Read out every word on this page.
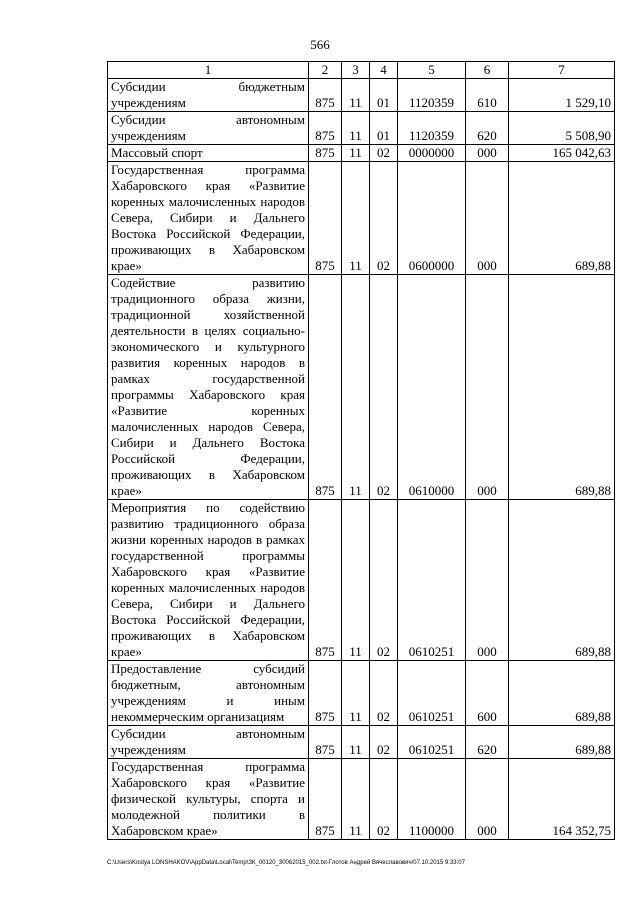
566
1	2	3	4	5	6	7
Субсидии бюджетным учреждениям	875	11	01	1120359	610	1 529,10
Субсидии автономным учреждениям	875	11	01	1120359	620	5 508,90
Массовый спорт	875	11	02	0000000	000	165 042,63
Государственная программа Хабаровского края «Развитие коренных малочисленных народов Севера, Сибири и Дальнего Востока Российской Федерации, проживающих в Хабаровском крае»	875	11	02	0600000	000	689,88
Содействие развитию традиционного образа жизни, традиционной хозяйственной деятельности в целях социально-экономического и культурного развития коренных народов в рамках государственной программы Хабаровского края «Развитие коренных малочисленных народов Севера, Сибири и Дальнего Востока Российской Федерации, проживающих в Хабаровском крае»	875	11	02	0610000	000	689,88
Мероприятия по содействию развитию традиционного образа жизни коренных народов в рамках государственной программы Хабаровского края «Развитие коренных малочисленных народов Севера, Сибири и Дальнего Востока Российской Федерации, проживающих в Хабаровском крае»	875	11	02	0610251	000	689,88
Предоставление субсидий бюджетным, автономным учреждениям и иным некоммерческим организациям	875	11	02	0610251	600	689,88
Субсидии автономным учреждениям	875	11	02	0610251	620	689,88
Государственная программа Хабаровского края «Развитие физической культуры, спорта и молодежной политики в Хабаровском крае»	875	11	02	1100000	000	164 352,75
C:\Users\Kostya LONSHAKOV\AppData\Local\Temp\ЗК_00120_30062015_002.txt-Глотов Андрей Вячеславович/07.10.2015 9:33:07
